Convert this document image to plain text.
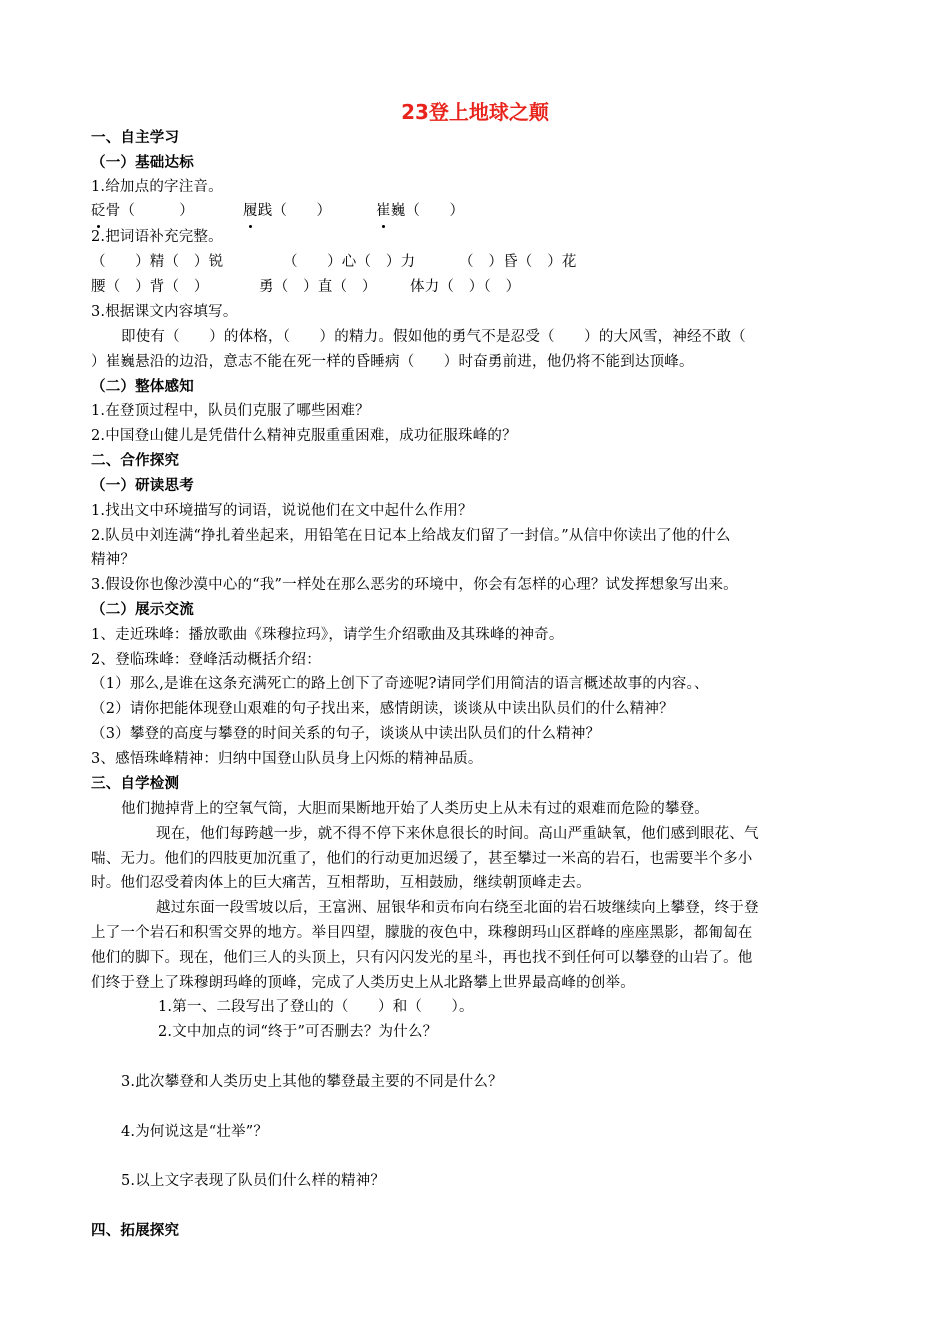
23登上地球之颠
一、自主学习
（一）基础达标
1.给加点的字注音。
砭骨（　　　）	履践（　　）	崔巍（　　）
2.把词语补充完整。
（　　）精（　）锐	（　　）心（　）力	（　）昏（　）花
腰（　）背（　）	勇（　）直（　） 体力（　）（　）
3.根据课文内容填写。
即使有（　　）的体格，（　　）的精力。假如他的勇气不是忍受（　　）的大风雪，神经不敢（
）崔巍悬沿的边沿，意志不能在死一样的昏睡病（　　）时奋勇前进，他仍将不能到达顶峰。
（二）整体感知
1.在登顶过程中，队员们克服了哪些困难？
2.中国登山健儿是凭借什么精神克服重重困难，成功征服珠峰的？
二、合作探究
（一）研读思考
1.找出文中环境描写的词语，说说他们在文中起什么作用？
2.队员中刘连满“挣扎着坐起来，用铅笔在日记本上给战友们留了一封信。”从信中你读出了他的什么
精神？
3.假设你也像沙漠中心的“我”一样处在那么恶劣的环境中，你会有怎样的心理？试发挥想象写出来。
（二）展示交流
1、走近珠峰：播放歌曲《珠穆拉玛》，请学生介绍歌曲及其珠峰的神奇。
2、登临珠峰：登峰活动概括介绍：
（1）那么,是谁在这条充满死亡的路上创下了奇迹呢?请同学们用简洁的语言概述故事的内容。、
（2）请你把能体现登山艰难的句子找出来，感情朗读，谈谈从中读出队员们的什么精神？
（3）攀登的高度与攀登的时间关系的句子，谈谈从中读出队员们的什么精神？
3、感悟珠峰精神：归纳中国登山队员身上闪烁的精神品质。
三、自学检测
他们抛掉背上的空氧气筒，大胆而果断地开始了人类历史上从未有过的艰难而危险的攀登。
现在，他们每跨越一步，就不得不停下来休息很长的时间。高山严重缺氧，他们感到眼花、气
喘、无力。他们的四肢更加沉重了，他们的行动更加迟缓了，甚至攀过一米高的岩石，也需要半个多小
时。他们忍受着肉体上的巨大痛苦，互相帮助，互相鼓励，继续朝顶峰走去。
越过东面一段雪坡以后，王富洲、屈银华和贡布向右绕至北面的岩石坡继续向上攀登，终于登
上了一个岩石和积雪交界的地方。举目四望，朦胧的夜色中，珠穆朗玛山区群峰的座座黑影，都匍匐在
他们的脚下。现在，他们三人的头顶上，只有闪闪发光的星斗，再也找不到任何可以攀登的山岩了。他
们终于登上了珠穆朗玛峰的顶峰，完成了人类历史上从北路攀上世界最高峰的创举。
1.第一、二段写出了登山的（　　）和（　　）。
2.文中加点的词“终于”可否删去？为什么？
3.此次攀登和人类历史上其他的攀登最主要的不同是什么？
4.为何说这是“壮举”？
5.以上文字表现了队员们什么样的精神？
四、拓展探究
